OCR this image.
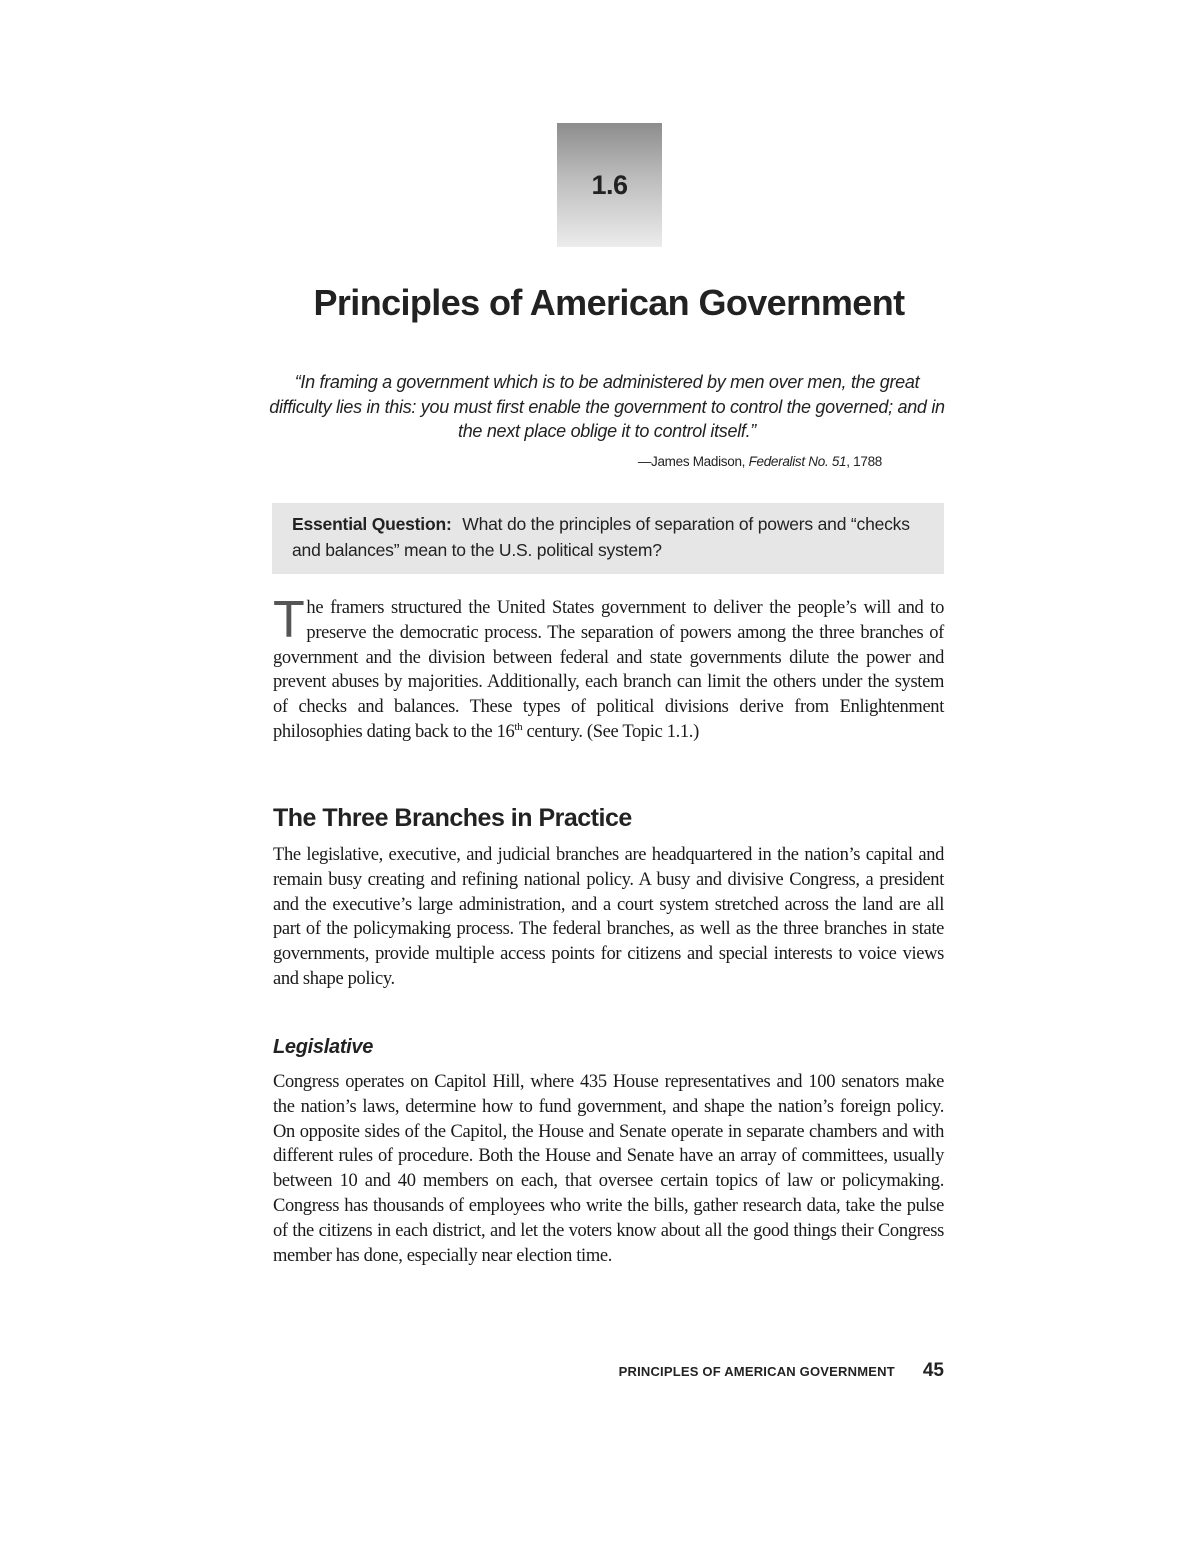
1.6
Principles of American Government

“In framing a government which is to be administered by men over men, the great difficulty lies in this: you must first enable the government to control the governed; and in the next place oblige it to control itself.”

—James Madison, Federalist No. 51, 1788

Essential Question: What do the principles of separation of powers and “checks and balances” mean to the U.S. political system?

The framers structured the United States government to deliver the people’s will and to preserve the democratic process. The separation of powers among the three branches of government and the division between federal and state governments dilute the power and prevent abuses by majorities. Additionally, each branch can limit the others under the system of checks and balances. These types of political divisions derive from Enlightenment philosophies dating back to the 16th century. (See Topic 1.1.)

The Three Branches in Practice

The legislative, executive, and judicial branches are headquartered in the nation’s capital and remain busy creating and refining national policy. A busy and divisive Congress, a president and the executive’s large administration, and a court system stretched across the land are all part of the policymaking process. The federal branches, as well as the three branches in state governments, provide multiple access points for citizens and special interests to voice views and shape policy.

Legislative

Congress operates on Capitol Hill, where 435 House representatives and 100 senators make the nation’s laws, determine how to fund government, and shape the nation’s foreign policy. On opposite sides of the Capitol, the House and Senate operate in separate chambers and with different rules of procedure. Both the House and Senate have an array of committees, usually between 10 and 40 members on each, that oversee certain topics of law or policymaking. Congress has thousands of employees who write the bills, gather research data, take the pulse of the citizens in each district, and let the voters know about all the good things their Congress member has done, especially near election time.

PRINCIPLES OF AMERICAN GOVERNMENT 45
